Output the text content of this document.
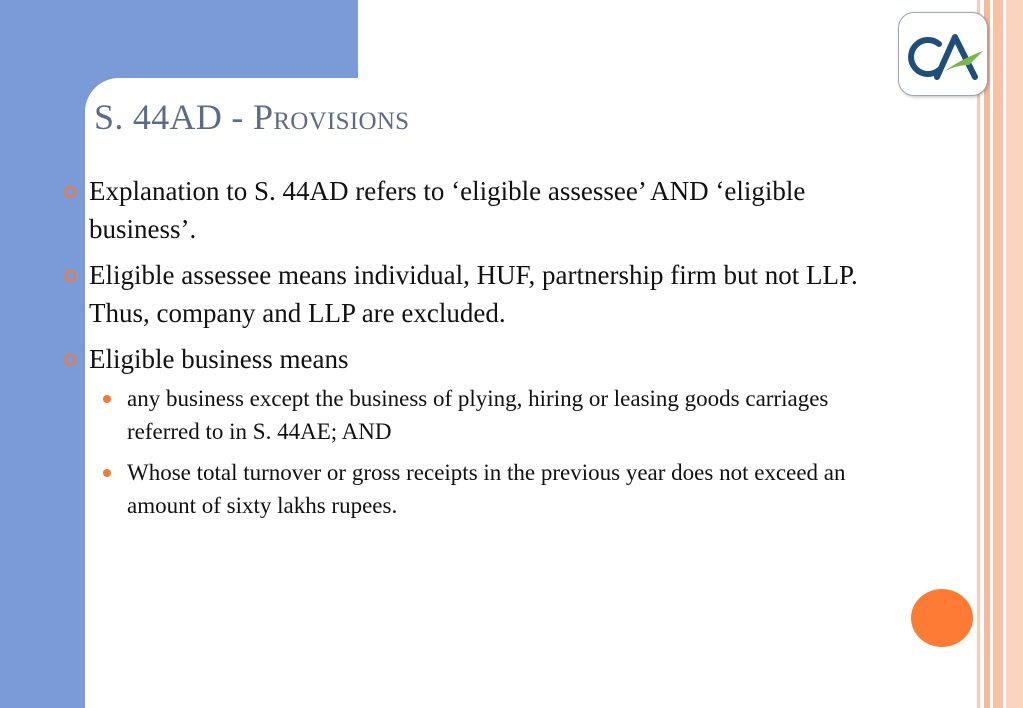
CA
S. 44AD - Provisions
Explanation to S. 44AD refers to ‘eligible assessee’ AND ‘eligible business’.
Eligible assessee means individual, HUF, partnership firm but not LLP. Thus, company and LLP are excluded.
Eligible business means
any business except the business of plying, hiring or leasing goods carriages referred to in S. 44AE; AND
Whose total turnover or gross receipts in the previous year does not exceed an amount of sixty lakhs rupees.
